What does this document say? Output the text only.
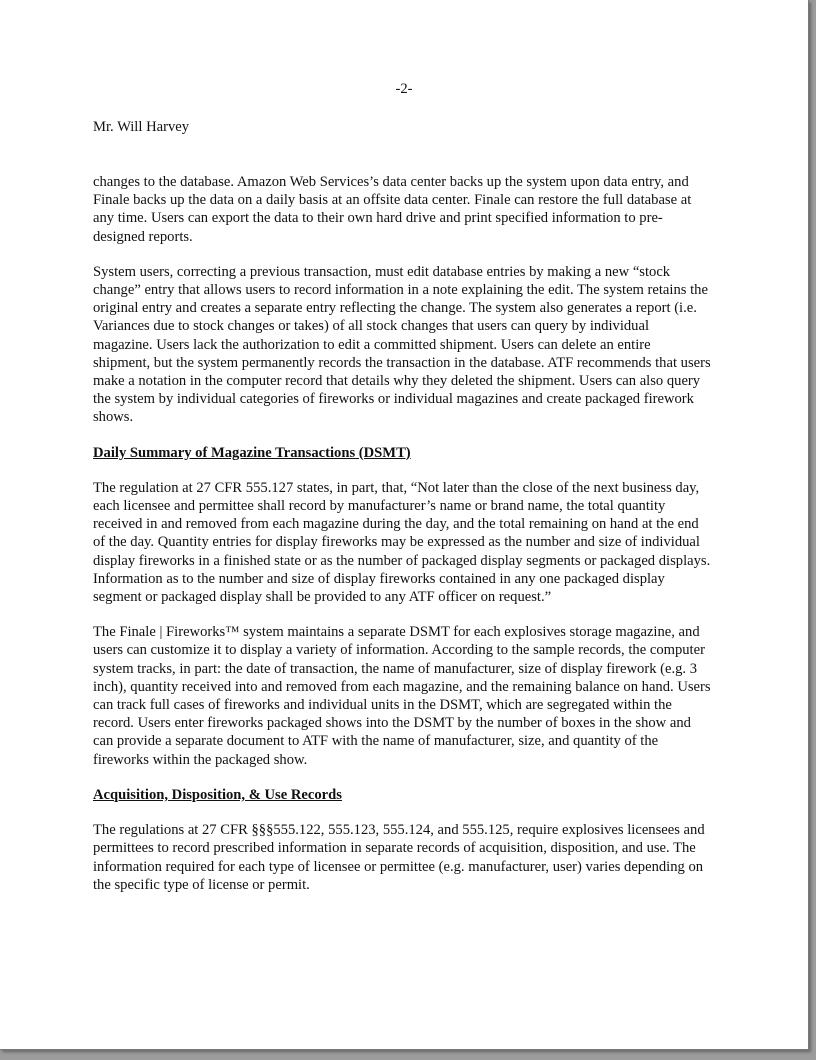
-2-
Mr. Will Harvey

changes to the database. Amazon Web Services’s data center backs up the system upon data entry, and Finale backs up the data on a daily basis at an offsite data center. Finale can restore the full database at any time. Users can export the data to their own hard drive and print specified information to pre-designed reports.

System users, correcting a previous transaction, must edit database entries by making a new “stock change” entry that allows users to record information in a note explaining the edit. The system retains the original entry and creates a separate entry reflecting the change. The system also generates a report (i.e. Variances due to stock changes or takes) of all stock changes that users can query by individual magazine. Users lack the authorization to edit a committed shipment. Users can delete an entire shipment, but the system permanently records the transaction in the database. ATF recommends that users make a notation in the computer record that details why they deleted the shipment. Users can also query the system by individual categories of fireworks or individual magazines and create packaged firework shows.

Daily Summary of Magazine Transactions (DSMT)

The regulation at 27 CFR 555.127 states, in part, that, “Not later than the close of the next business day, each licensee and permittee shall record by manufacturer’s name or brand name, the total quantity received in and removed from each magazine during the day, and the total remaining on hand at the end of the day. Quantity entries for display fireworks may be expressed as the number and size of individual display fireworks in a finished state or as the number of packaged display segments or packaged displays. Information as to the number and size of display fireworks contained in any one packaged display segment or packaged display shall be provided to any ATF officer on request.”

The Finale | Fireworks™ system maintains a separate DSMT for each explosives storage magazine, and users can customize it to display a variety of information. According to the sample records, the computer system tracks, in part: the date of transaction, the name of manufacturer, size of display firework (e.g. 3 inch), quantity received into and removed from each magazine, and the remaining balance on hand. Users can track full cases of fireworks and individual units in the DSMT, which are segregated within the record. Users enter fireworks packaged shows into the DSMT by the number of boxes in the show and can provide a separate document to ATF with the name of manufacturer, size, and quantity of the fireworks within the packaged show.

Acquisition, Disposition, & Use Records

The regulations at 27 CFR §§§555.122, 555.123, 555.124, and 555.125, require explosives licensees and permittees to record prescribed information in separate records of acquisition, disposition, and use. The information required for each type of licensee or permittee (e.g. manufacturer, user) varies depending on the specific type of license or permit.
